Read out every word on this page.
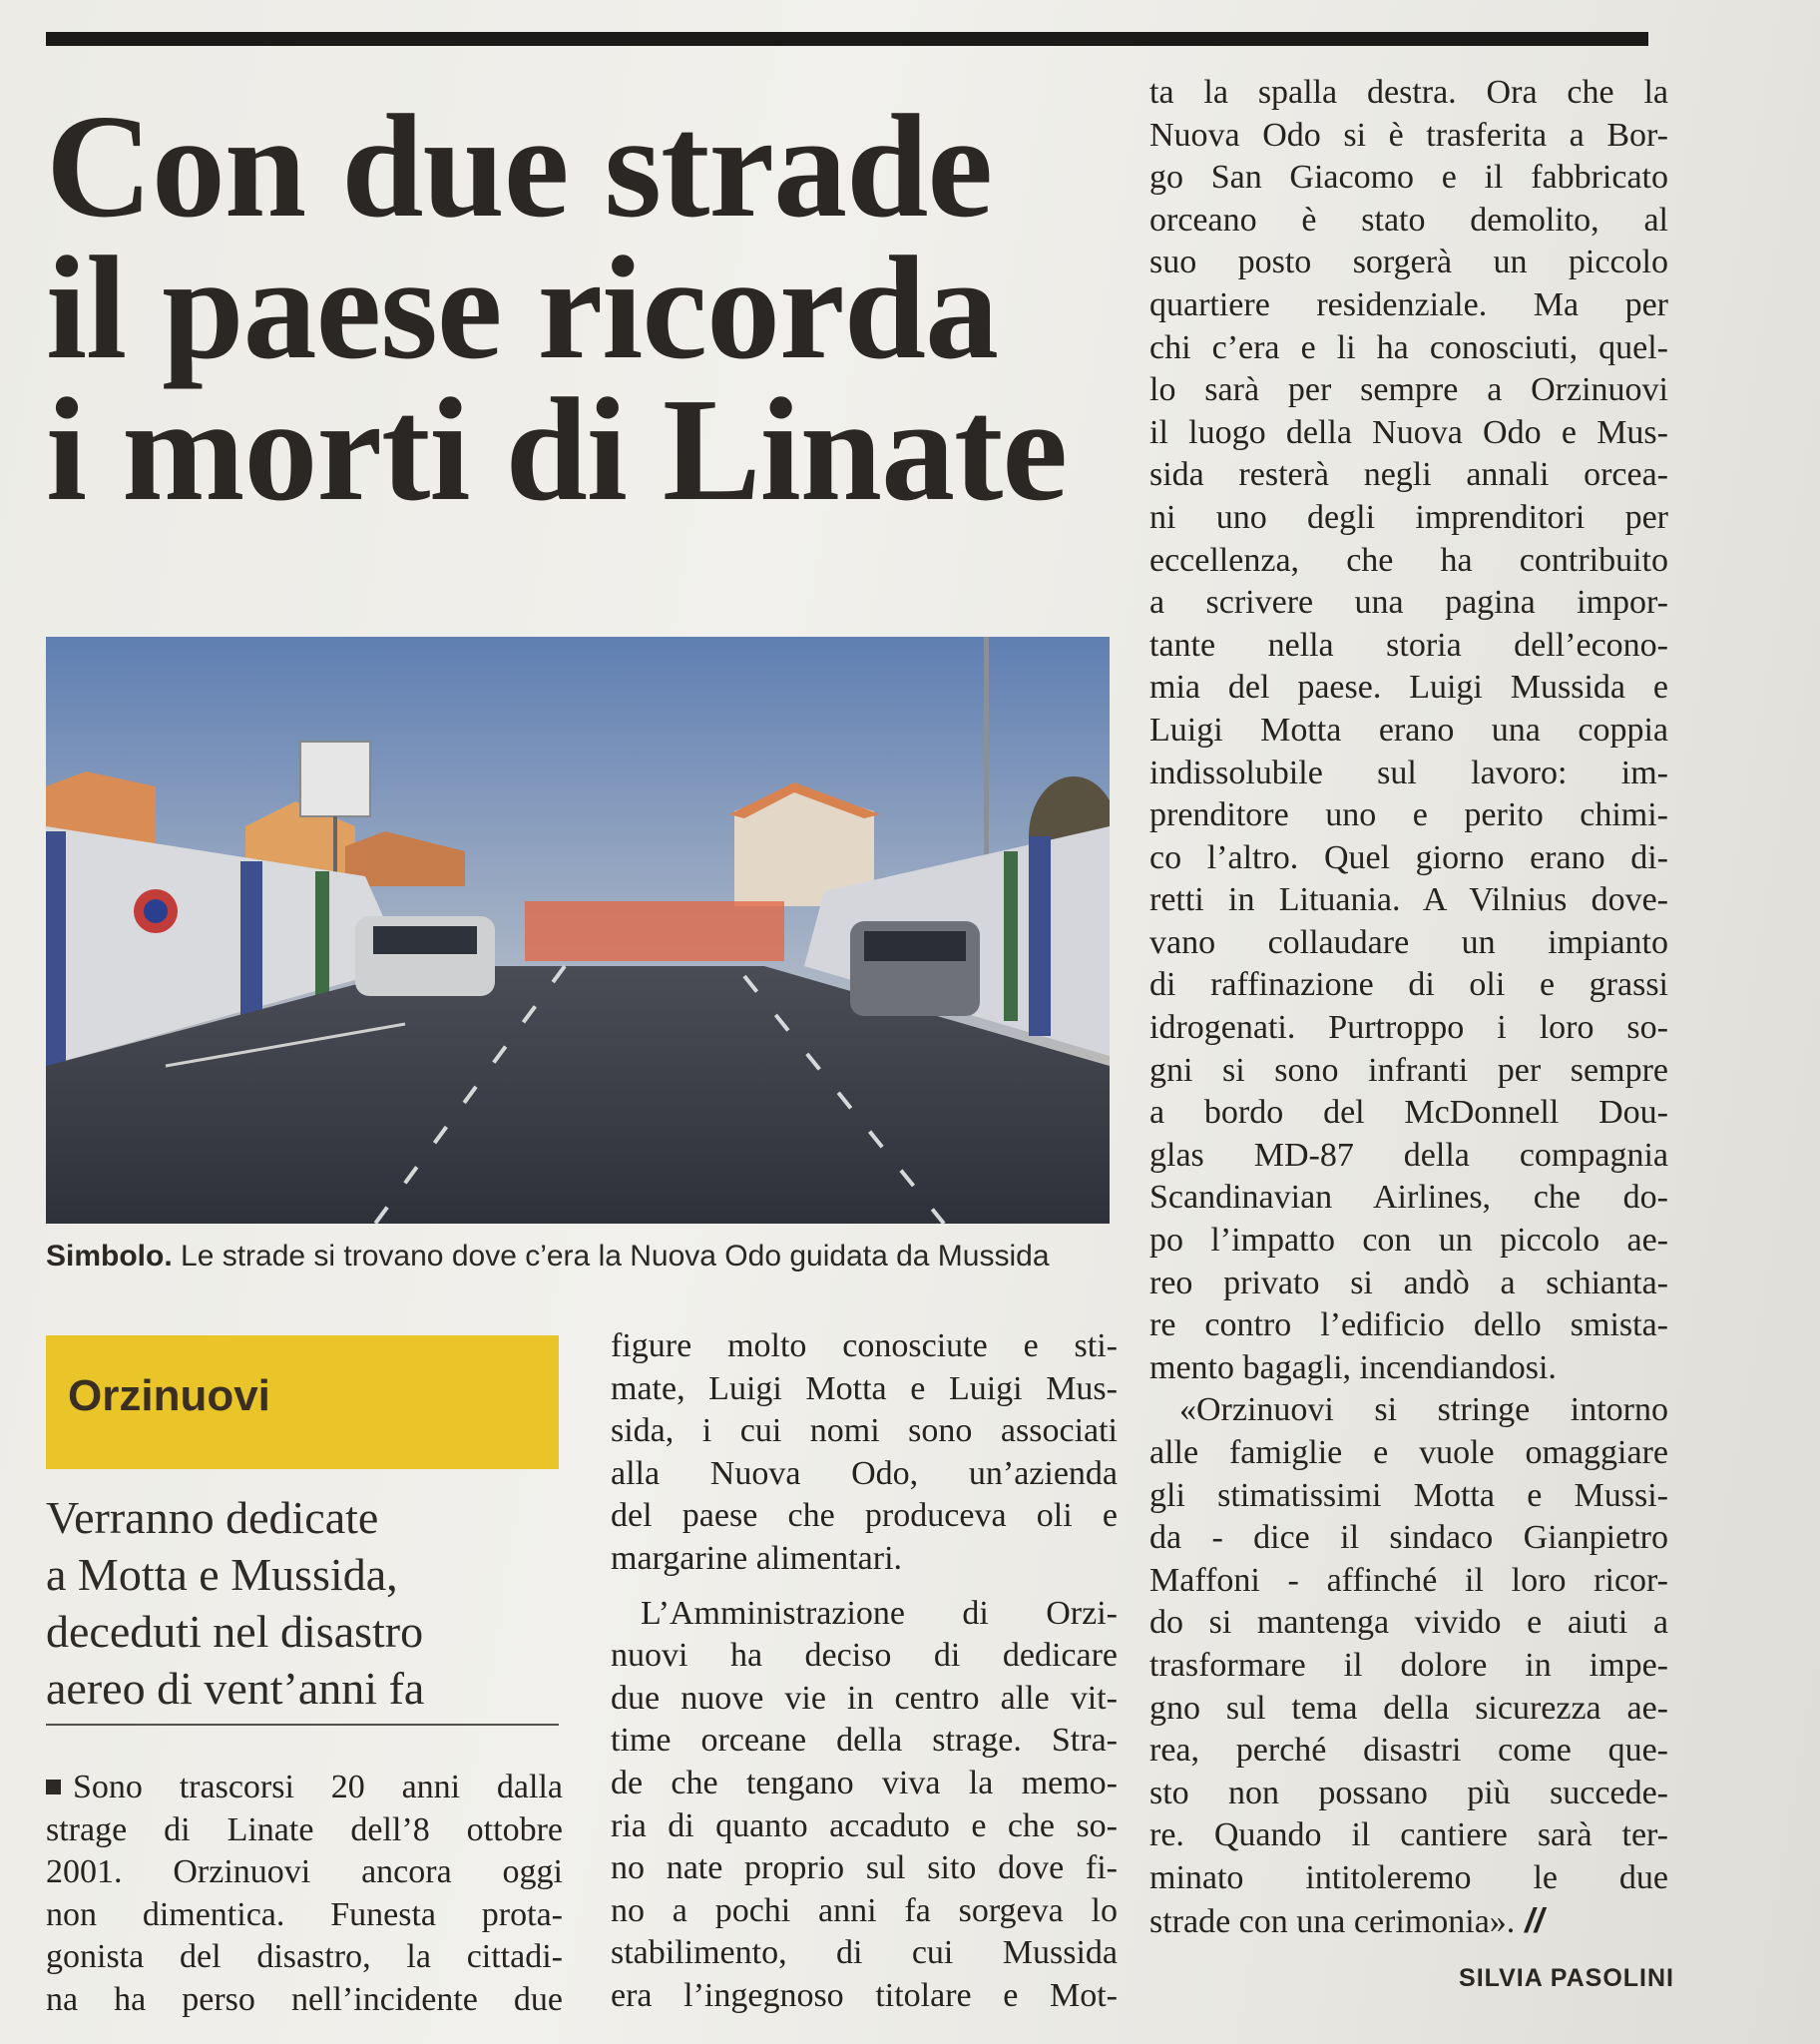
Con due strade
il paese ricorda
i morti di Linate
Simbolo. Le strade si trovano dove c’era la Nuova Odo guidata da Mussida
Orzinuovi
Verranno dedicate
a Motta e Mussida,
deceduti nel disastro
aereo di vent’anni fa
Sono trascorsi 20 anni dalla
strage di Linate dell’8 ottobre
2001. Orzinuovi ancora oggi
non dimentica. Funesta prota-
gonista del disastro, la cittadi-
na ha perso nell’incidente due
figure molto conosciute e sti-
mate, Luigi Motta e Luigi Mus-
sida, i cui nomi sono associati
alla Nuova Odo, un’azienda
del paese che produceva oli e
margarine alimentari.
L’Amministrazione di Orzi-
nuovi ha deciso di dedicare
due nuove vie in centro alle vit-
time orceane della strage. Stra-
de che tengano viva la memo-
ria di quanto accaduto e che so-
no nate proprio sul sito dove fi-
no a pochi anni fa sorgeva lo
stabilimento, di cui Mussida
era l’ingegnoso titolare e Mot-
ta la spalla destra. Ora che la
Nuova Odo si è trasferita a Bor-
go San Giacomo e il fabbricato
orceano è stato demolito, al
suo posto sorgerà un piccolo
quartiere residenziale. Ma per
chi c’era e li ha conosciuti, quel-
lo sarà per sempre a Orzinuovi
il luogo della Nuova Odo e Mus-
sida resterà negli annali orcea-
ni uno degli imprenditori per
eccellenza, che ha contribuito
a scrivere una pagina impor-
tante nella storia dell’econo-
mia del paese. Luigi Mussida e
Luigi Motta erano una coppia
indissolubile sul lavoro: im-
prenditore uno e perito chimi-
co l’altro. Quel giorno erano di-
retti in Lituania. A Vilnius dove-
vano collaudare un impianto
di raffinazione di oli e grassi
idrogenati. Purtroppo i loro so-
gni si sono infranti per sempre
a bordo del McDonnell Dou-
glas MD-87 della compagnia
Scandinavian Airlines, che do-
po l’impatto con un piccolo ae-
reo privato si andò a schianta-
re contro l’edificio dello smista-
mento bagagli, incendiandosi.
«Orzinuovi si stringe intorno
alle famiglie e vuole omaggiare
gli stimatissimi Motta e Mussi-
da - dice il sindaco Gianpietro
Maffoni - affinché il loro ricor-
do si mantenga vivido e aiuti a
trasformare il dolore in impe-
gno sul tema della sicurezza ae-
rea, perché disastri come que-
sto non possano più succede-
re. Quando il cantiere sarà ter-
minato intitoleremo le due
strade con una cerimonia». //
SILVIA PASOLINI
